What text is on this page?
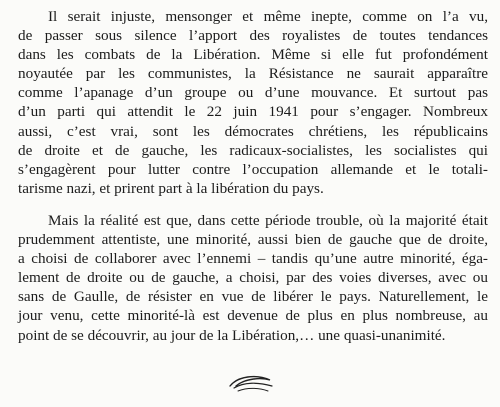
Il serait injuste, mensonger et même inepte, comme on l’a vu,
de passer sous silence l’apport des royalistes de toutes tendances
dans les combats de la Libération. Même si elle fut profondément
noyautée par les communistes, la Résistance ne saurait apparaître
comme l’apanage d’un groupe ou d’une mouvance. Et surtout pas
d’un parti qui attendit le 22 juin 1941 pour s’engager. Nombreux
aussi, c’est vrai, sont les démocrates chrétiens, les républicains
de droite et de gauche, les radicaux-socialistes, les socialistes qui
s’engagèrent pour lutter contre l’occupation allemande et le totali-
tarisme nazi, et prirent part à la libération du pays.

Mais la réalité est que, dans cette période trouble, où la majorité était
prudemment attentiste, une minorité, aussi bien de gauche que de droite,
a choisi de collaborer avec l’ennemi – tandis qu’une autre minorité, éga-
lement de droite ou de gauche, a choisi, par des voies diverses, avec ou
sans de Gaulle, de résister en vue de libérer le pays. Naturellement, le
jour venu, cette minorité-là est devenue de plus en plus nombreuse, au
point de se découvrir, au jour de la Libération,… une quasi-unanimité.
